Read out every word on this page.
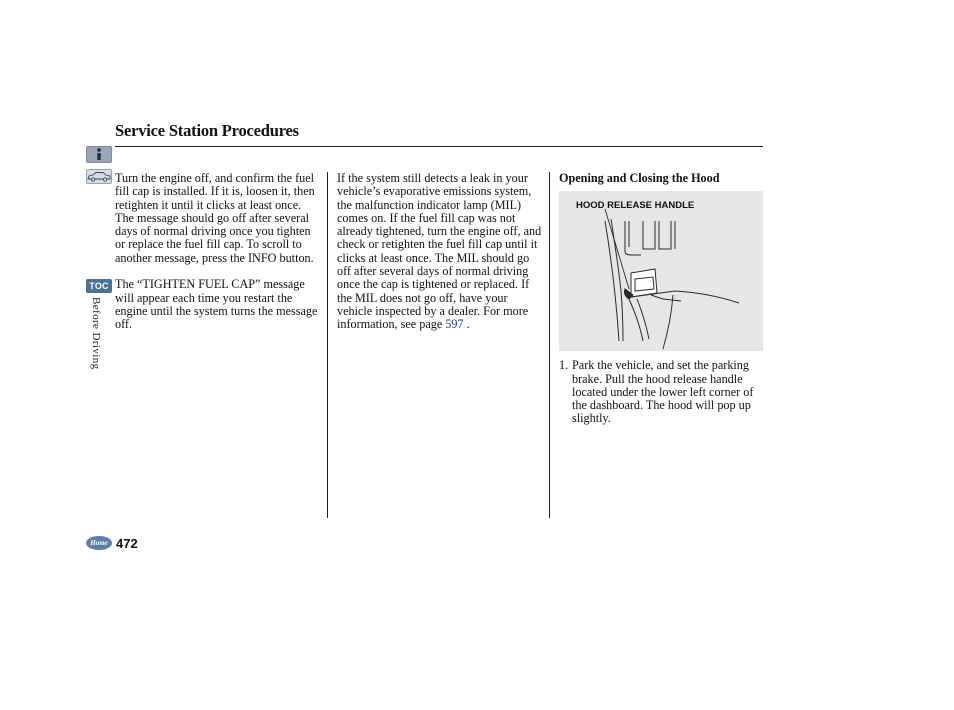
Service Station Procedures
TOC
Before Driving
Home 472

Turn the engine off, and confirm the fuel fill cap is installed. If it is, loosen it, then retighten it until it clicks at least once. The message should go off after several days of normal driving once you tighten or replace the fuel fill cap. To scroll to another message, press the INFO button.

The “TIGHTEN FUEL CAP” message will appear each time you restart the engine until the system turns the message off.

If the system still detects a leak in your vehicle’s evaporative emissions system, the malfunction indicator lamp (MIL) comes on. If the fuel fill cap was not already tightened, turn the engine off, and check or retighten the fuel fill cap until it clicks at least once. The MIL should go off after several days of normal driving once the cap is tightened or replaced. If the MIL does not go off, have your vehicle inspected by a dealer. For more information, see page 597 .

Opening and Closing the Hood
HOOD RELEASE HANDLE
1. Park the vehicle, and set the parking brake. Pull the hood release handle located under the lower left corner of the dashboard. The hood will pop up slightly.
